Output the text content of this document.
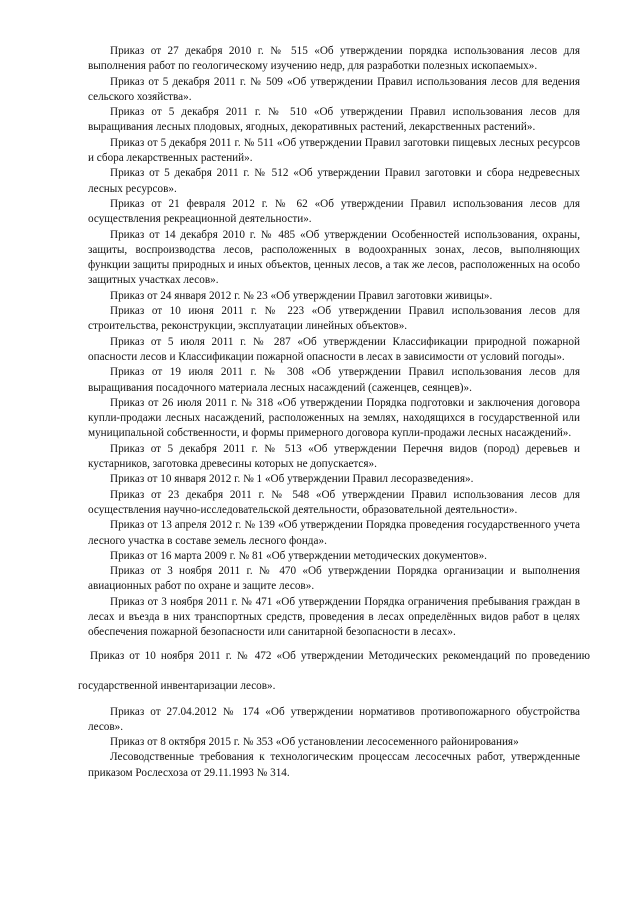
Приказ от 27 декабря 2010 г. № 515 «Об утверждении порядка использования лесов для выполнения работ по геологическому изучению недр, для разработки полезных ископаемых».

Приказ от 5 декабря 2011 г. № 509 «Об утверждении Правил использования лесов для ведения сельского хозяйства».

Приказ от 5 декабря 2011 г. № 510 «Об утверждении Правил использования лесов для выращивания лесных плодовых, ягодных, декоративных растений, лекарственных растений».

Приказ от 5 декабря 2011 г. № 511 «Об утверждении Правил заготовки пищевых лесных ресурсов и сбора лекарственных растений».

Приказ от 5 декабря 2011 г. № 512 «Об утверждении Правил заготовки и сбора недревесных лесных ресурсов».

Приказ от 21 февраля 2012 г. № 62 «Об утверждении Правил использования лесов для осуществления рекреационной деятельности».

Приказ от 14 декабря 2010 г. № 485 «Об утверждении Особенностей использования, охраны, защиты, воспроизводства лесов, расположенных в водоохранных зонах, лесов, выполняющих функции защиты природных и иных объектов, ценных лесов, а так же лесов, расположенных на особо защитных участках лесов».

Приказ от 24 января 2012 г. № 23 «Об утверждении Правил заготовки живицы».

Приказ от 10 июня 2011 г. № 223 «Об утверждении Правил использования лесов для строительства, реконструкции, эксплуатации линейных объектов».

Приказ от 5 июля 2011 г. № 287 «Об утверждении Классификации природной пожарной опасности лесов и Классификации пожарной опасности в лесах в зависимости от условий погоды».

Приказ от 19 июля 2011 г. № 308 «Об утверждении Правил использования лесов для выращивания посадочного материала лесных насаждений (саженцев, сеянцев)».

Приказ от 26 июля 2011 г. № 318 «Об утверждении Порядка подготовки и заключения договора купли-продажи лесных насаждений, расположенных на землях, находящихся в государственной или муниципальной собственности, и формы примерного договора купли-продажи лесных насаждений».

Приказ от 5 декабря 2011 г. № 513 «Об утверждении Перечня видов (пород) деревьев и кустарников, заготовка древесины которых не допускается».

Приказ от 10 января 2012 г. № 1 «Об утверждении Правил лесоразведения».

Приказ от 23 декабря 2011 г. № 548 «Об утверждении Правил использования лесов для осуществления научно-исследовательской деятельности, образовательной деятельности».

Приказ от 13 апреля 2012 г. № 139 «Об утверждении Порядка проведения государственного учета лесного участка в составе земель лесного фонда».

Приказ от 16 марта 2009 г. № 81 «Об утверждении методических документов».

Приказ от 3 ноября 2011 г. № 470 «Об утверждении Порядка организации и выполнения авиационных работ по охране и защите лесов».

Приказ от 3 ноября 2011 г. № 471 «Об утверждении Порядка ограничения пребывания граждан в лесах и въезда в них транспортных средств, проведения в лесах определённых видов работ в целях обеспечения пожарной безопасности или санитарной безопасности в лесах».

Приказ от 10 ноября 2011 г. № 472 «Об утверждении Методических рекомендаций по проведению государственной инвентаризации лесов».

Приказ от 27.04.2012 № 174 «Об утверждении нормативов противопожарного обустройства лесов».

Приказ от 8 октября 2015 г. № 353 «Об установлении лесосеменного районирования»

Лесоводственные требования к технологическим процессам лесосечных работ, утвержденные приказом Рослесхоза от 29.11.1993 № 314.
